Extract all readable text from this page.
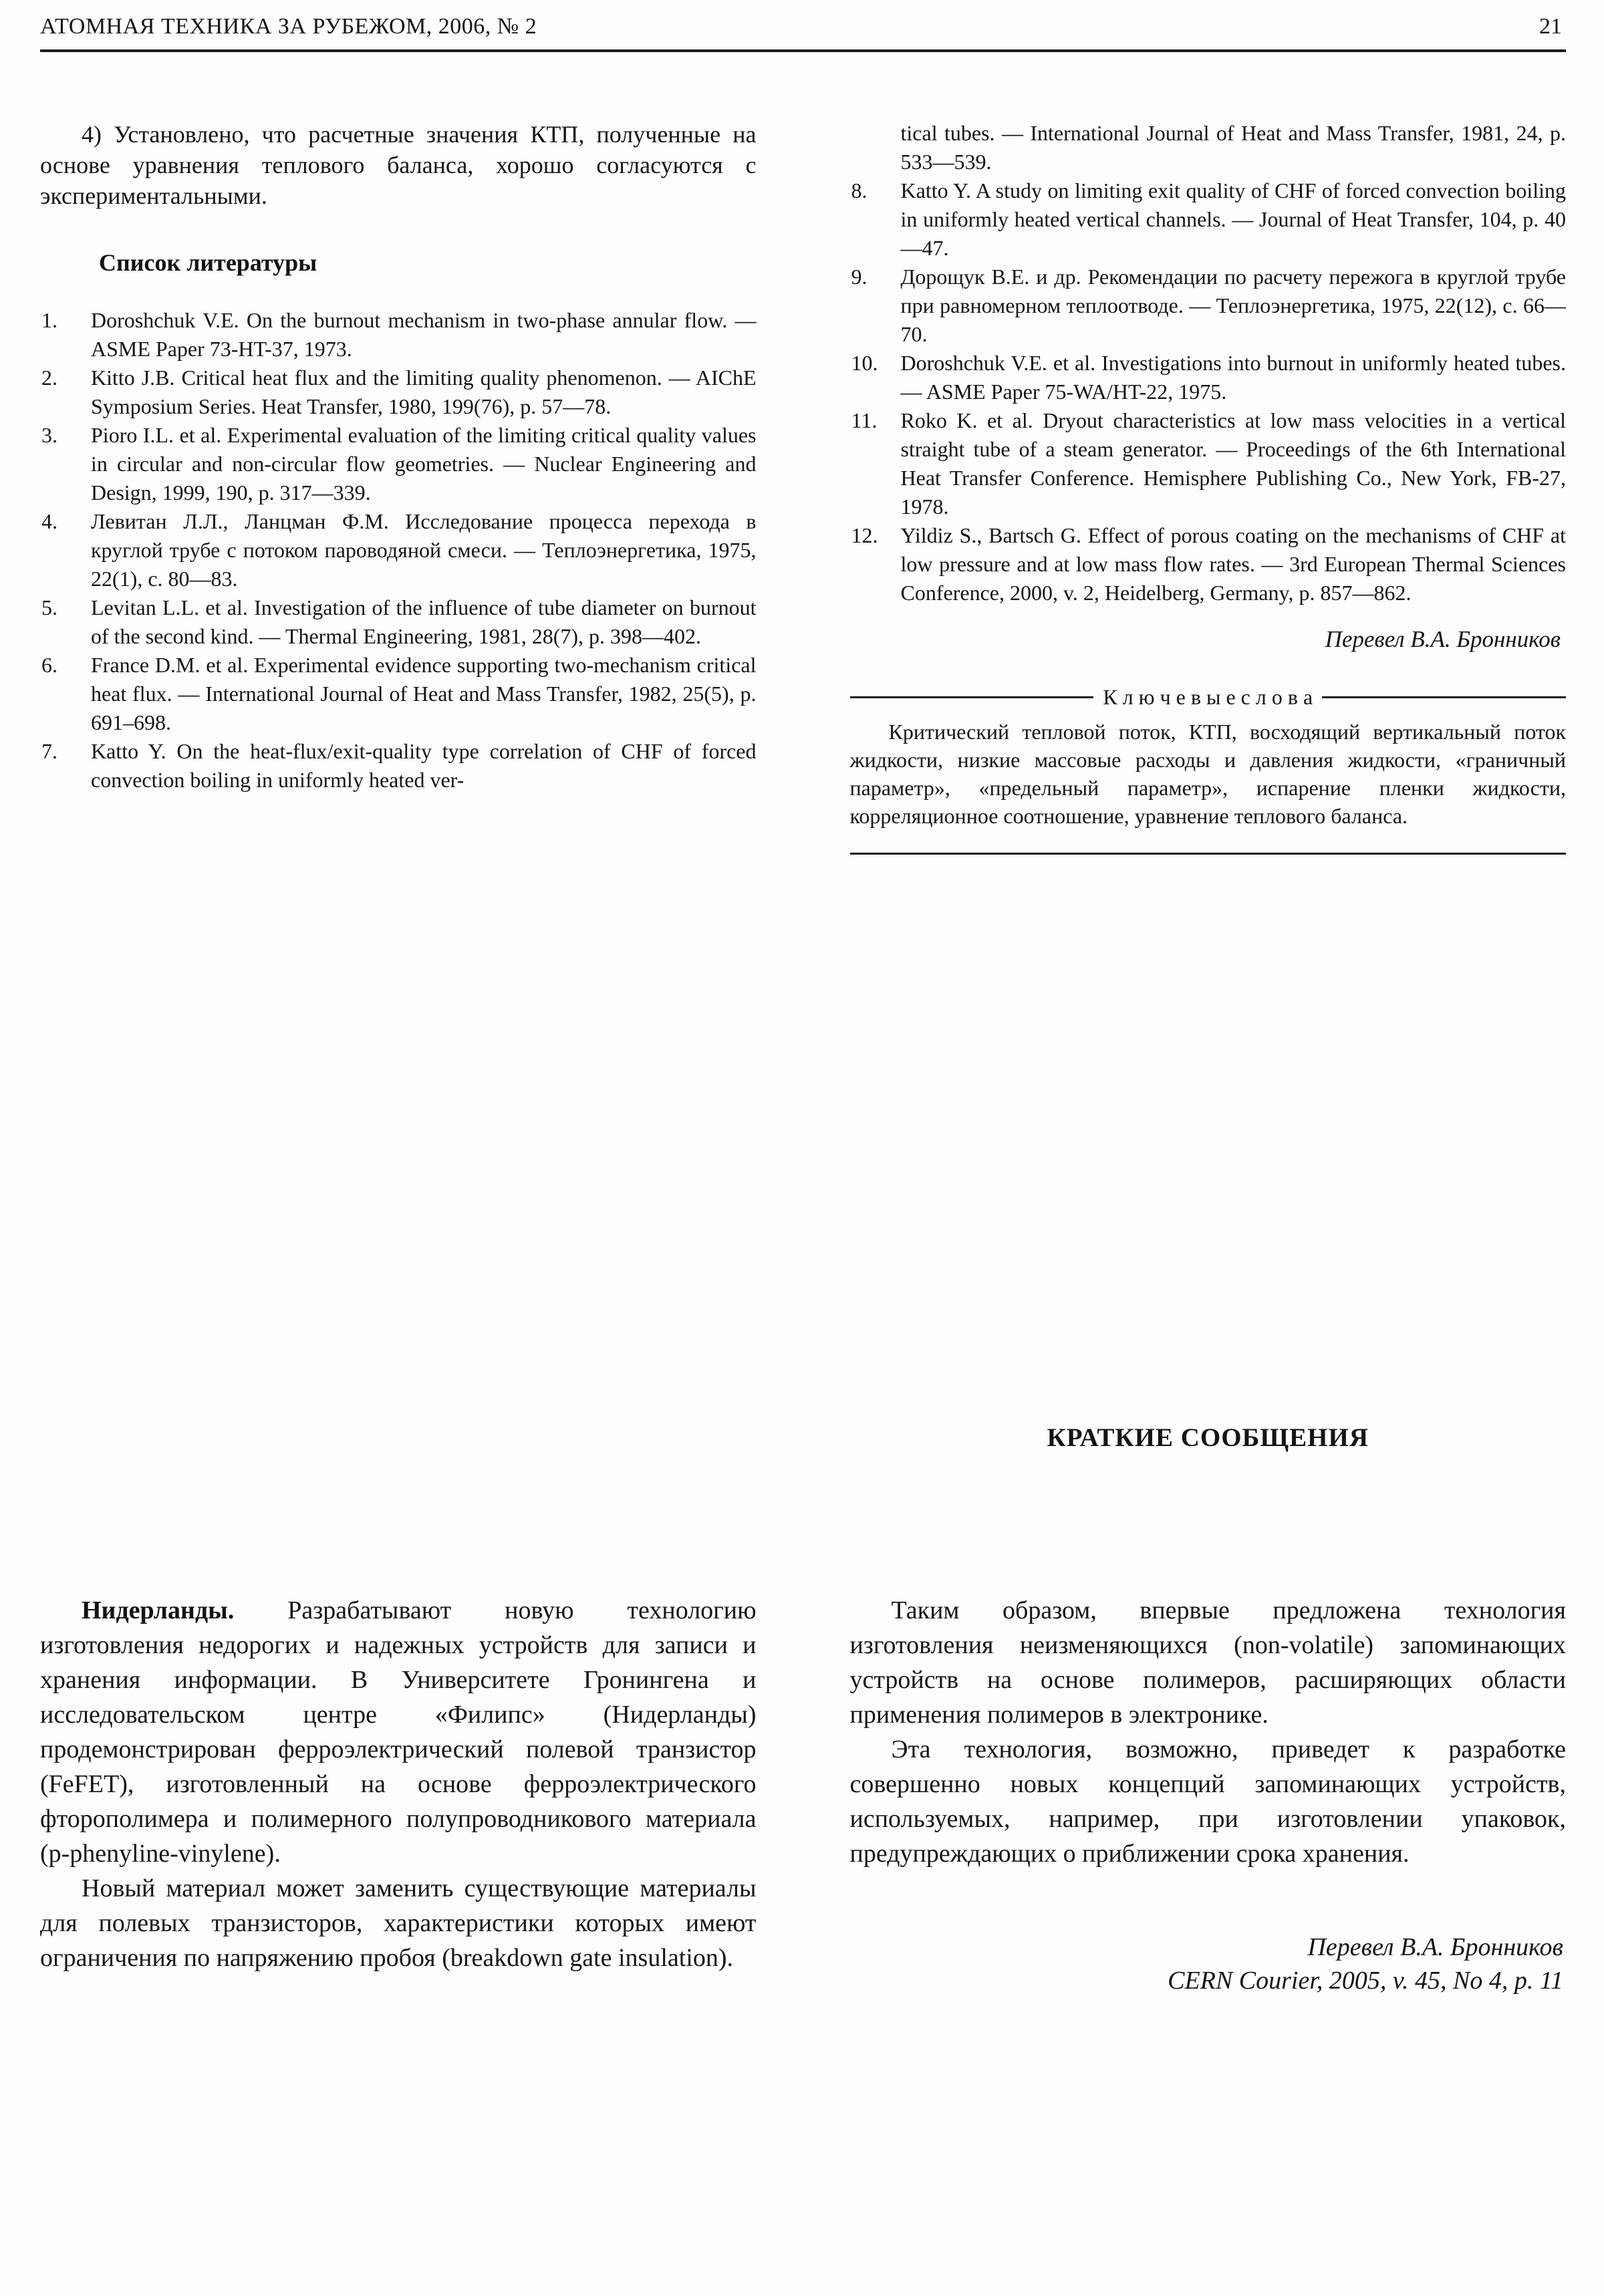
АТОМНАЯ ТЕХНИКА ЗА РУБЕЖОМ, 2006, № 2	21

4) Установлено, что расчетные значения КТП, полученные на основе уравнения теплового баланса, хорошо согласуются с экспериментальными.

Список литературы
1. Doroshchuk V.E. On the burnout mechanism in two-phase annular flow. — ASME Paper 73-HT-37, 1973.
2. Kitto J.B. Critical heat flux and the limiting quality phenomenon. — AIChE Symposium Series. Heat Transfer, 1980, 199(76), p. 57—78.
3. Pioro I.L. et al. Experimental evaluation of the limiting critical quality values in circular and non-circular flow geometries. — Nuclear Engineering and Design, 1999, 190, p. 317—339.
4. Левитан Л.Л., Ланцман Ф.М. Исследование процесса перехода в круглой трубе с потоком пароводяной смеси. — Теплоэнергетика, 1975, 22(1), с. 80—83.
5. Levitan L.L. et al. Investigation of the influence of tube diameter on burnout of the second kind. — Thermal Engineering, 1981, 28(7), p. 398—402.
6. France D.M. et al. Experimental evidence supporting two-mechanism critical heat flux. — International Journal of Heat and Mass Transfer, 1982, 25(5), p. 691–698.
7. Katto Y. On the heat-flux/exit-quality type correlation of CHF of forced convection boiling in uniformly heated ver-

tical tubes. — International Journal of Heat and Mass Transfer, 1981, 24, p. 533—539.

8. Katto Y. A study on limiting exit quality of CHF of forced convection boiling in uniformly heated vertical channels. — Journal of Heat Transfer, 104, p. 40—47.
9. Дорощук В.Е. и др. Рекомендации по расчету пережога в круглой трубе при равномерном теплоотводе. — Теплоэнергетика, 1975, 22(12), с. 66—70.
10. Doroshchuk V.E. et al. Investigations into burnout in uniformly heated tubes. — ASME Paper 75-WA/HT-22, 1975.
11. Roko K. et al. Dryout characteristics at low mass velocities in a vertical straight tube of a steam generator. — Proceedings of the 6th International Heat Transfer Conference. Hemisphere Publishing Co., New York, FB-27, 1978.
12. Yildiz S., Bartsch G. Effect of porous coating on the mechanisms of CHF at low pressure and at low mass flow rates. — 3rd European Thermal Sciences Conference, 2000, v. 2, Heidelberg, Germany, p. 857—862.
Перевел В.А. Бронников
К л ю ч е в ы е с л о в а

Критический тепловой поток, КТП, восходящий вертикальный поток жидкости, низкие массовые расходы и давления жидкости, «граничный параметр», «предельный параметр», испарение пленки жидкости, корреляционное соотношение, уравнение теплового баланса.

Нидерланды. Разрабатывают новую технологию изготовления недорогих и надежных устройств для записи и хранения информации. В Университете Гронингена и исследовательском центре «Филипс» (Нидерланды) продемонстрирован ферроэлектрический полевой транзистор (FeFET), изготовленный на основе ферроэлектрического фторополимера и полимерного полупроводникового материала (p-phenyline-vinylene).

Новый материал может заменить существующие материалы для полевых транзисторов, характеристики которых имеют ограничения по напряжению пробоя (breakdown gate insulation).

КРАТКИЕ СООБЩЕНИЯ

Таким образом, впервые предложена технология изготовления неизменяющихся (non-volatile) запоминающих устройств на основе полимеров, расширяющих области применения полимеров в электронике.

Эта технология, возможно, приведет к разработке совершенно новых концепций запоминающих устройств, используемых, например, при изготовлении упаковок, предупреждающих о приближении срока хранения.

Перевел В.А. Бронников
CERN Courier, 2005, v. 45, No 4, p. 11
